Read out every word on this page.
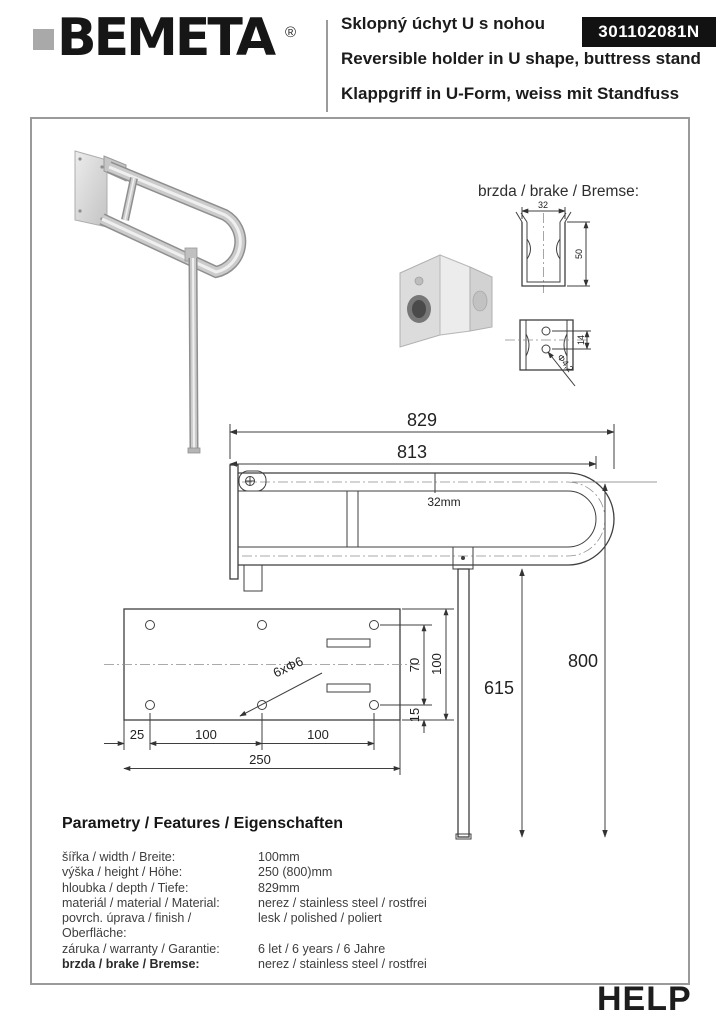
BEMETA ®	Sklopný úchyt U s nohou
Reversible holder in U shape, buttress stand
Klappgriff in U-Form, weiss mit Standfuss
301102081N
brzda / brake / Bremse:
32
50
14
Φ4,2
829
813
32mm
615
800
6xΦ6
25	100	100
250
70 100
15
Parametry / Features / Eigenschaften
šířka / width / Breite:	100mm
výška / height / Höhe:	250 (800)mm
hloubka / depth / Tiefe:	829mm
materiál / material / Material:	nerez / stainless steel / rostfrei
povrch. úprava / finish / Oberfläche:
lesk / polished / poliert
záruka / warranty / Garantie:	6 let / 6 years / 6 Jahre
brzda / brake / Bremse:	nerez / stainless steel / rostfrei
HELP
